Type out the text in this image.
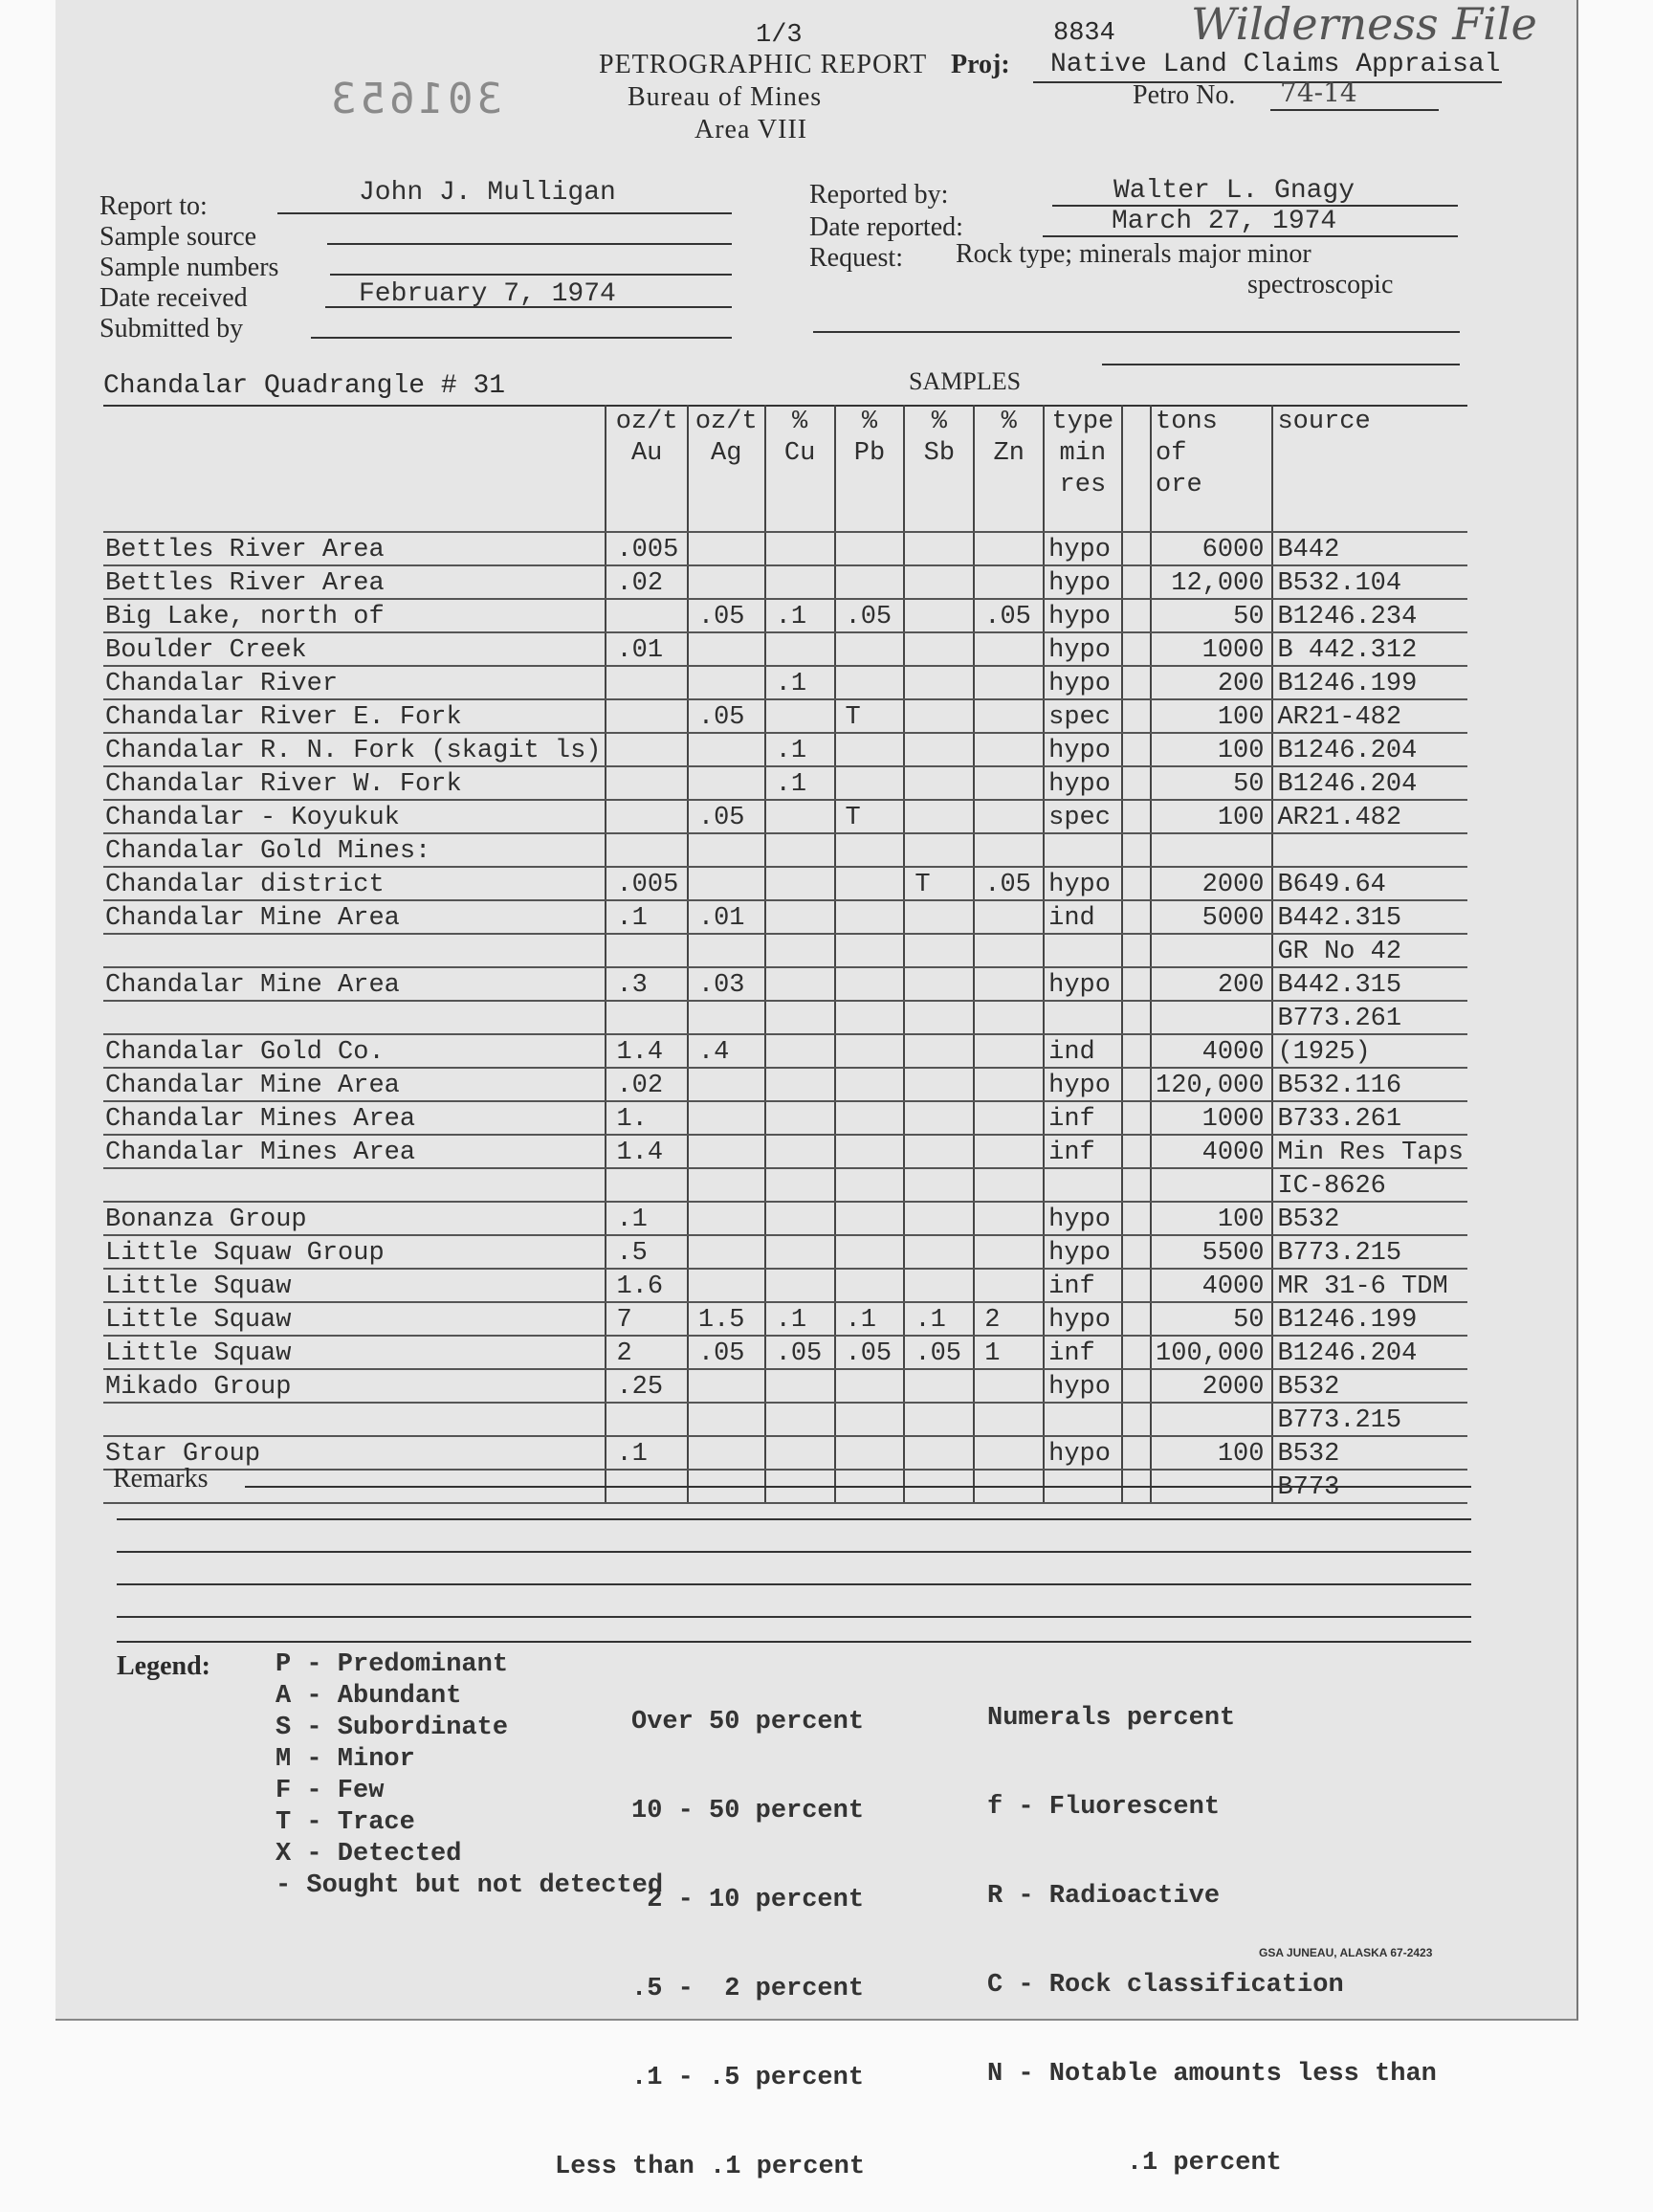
1/3	8834 Wilderness File
PETROGRAPHIC REPORT
Bureau of Mines
Area VIII
Proj: Native Land Claims Appraisal
Petro No. 74-14
301653
Report to:	John J. Mulligan
Sample source
Sample numbers
Date received	February 7, 1974
Submitted by
Reported by:	Walter L. Gnagy
Date reported:	March 27, 1974
Request: Rock type; minerals major minor
spectroscopic
Chandalar Quadrangle # 31	SAMPLES
	oz/t	oz/t	%	%	%	%	type		tons	source
	Au	Ag	Cu	Pb	Sb	Zn	min		of	
							res		ore	

Bettles River Area	.005						hypo		6000	B442
Bettles River Area	.02						hypo		12,000	B532.104
Big Lake, north of		.05	.1	.05		.05	hypo		50	B1246.234
Boulder Creek	.01						hypo		1000	B 442.312
Chandalar River			.1				hypo		200	B1246.199
Chandalar River E. Fork		.05		T			spec		100	AR21-482
Chandalar R. N. Fork (skagit ls)			.1				hypo		100	B1246.204
Chandalar River W. Fork			.1				hypo		50	B1246.204
Chandalar - Koyukuk		.05		T			spec		100	AR21.482
Chandalar Gold Mines:										
Chandalar district	.005				T	.05	hypo		2000	B649.64
Chandalar Mine Area	.1	.01					ind		5000	B442.315
										GR No 42
Chandalar Mine Area	.3	.03					hypo		200	B442.315
										B773.261
Chandalar Gold Co.	1.4	.4					ind		4000	(1925)
Chandalar Mine Area	.02						hypo		120,000	B532.116
Chandalar Mines Area	1.						inf		1000	B733.261
Chandalar Mines Area	1.4						inf		4000	Min Res Taps
										IC-8626
Bonanza Group	.1						hypo		100	B532
Little Squaw Group	.5						hypo		5500	B773.215
Little Squaw	1.6						inf		4000	MR 31-6 TDM
Little Squaw	7	1.5	.1	.1	.1	2	hypo		50	B1246.199
Little Squaw	2	.05	.05	.05	.05	1	inf		100,000	B1246.204
Mikado Group	.25						hypo		2000	B532
										B773.215
Star Group	.1						hypo		100	B532
										B773
Remarks
Legend:	P - Predominant
A - Abundant
S - Subordinate
M - Minor
F - Few
T - Trace
X - Detected
- Sought but not detected

Over 50 percent

10 - 50 percent

2 - 10 percent

.5 -  2 percent

.1 - .5 percent

Less than .1 percent

Numerals percent

f - Fluorescent

R - Radioactive

C - Rock classification

N - Notable amounts less than

.1 percent

GSA JUNEAU, ALASKA 67-2423
